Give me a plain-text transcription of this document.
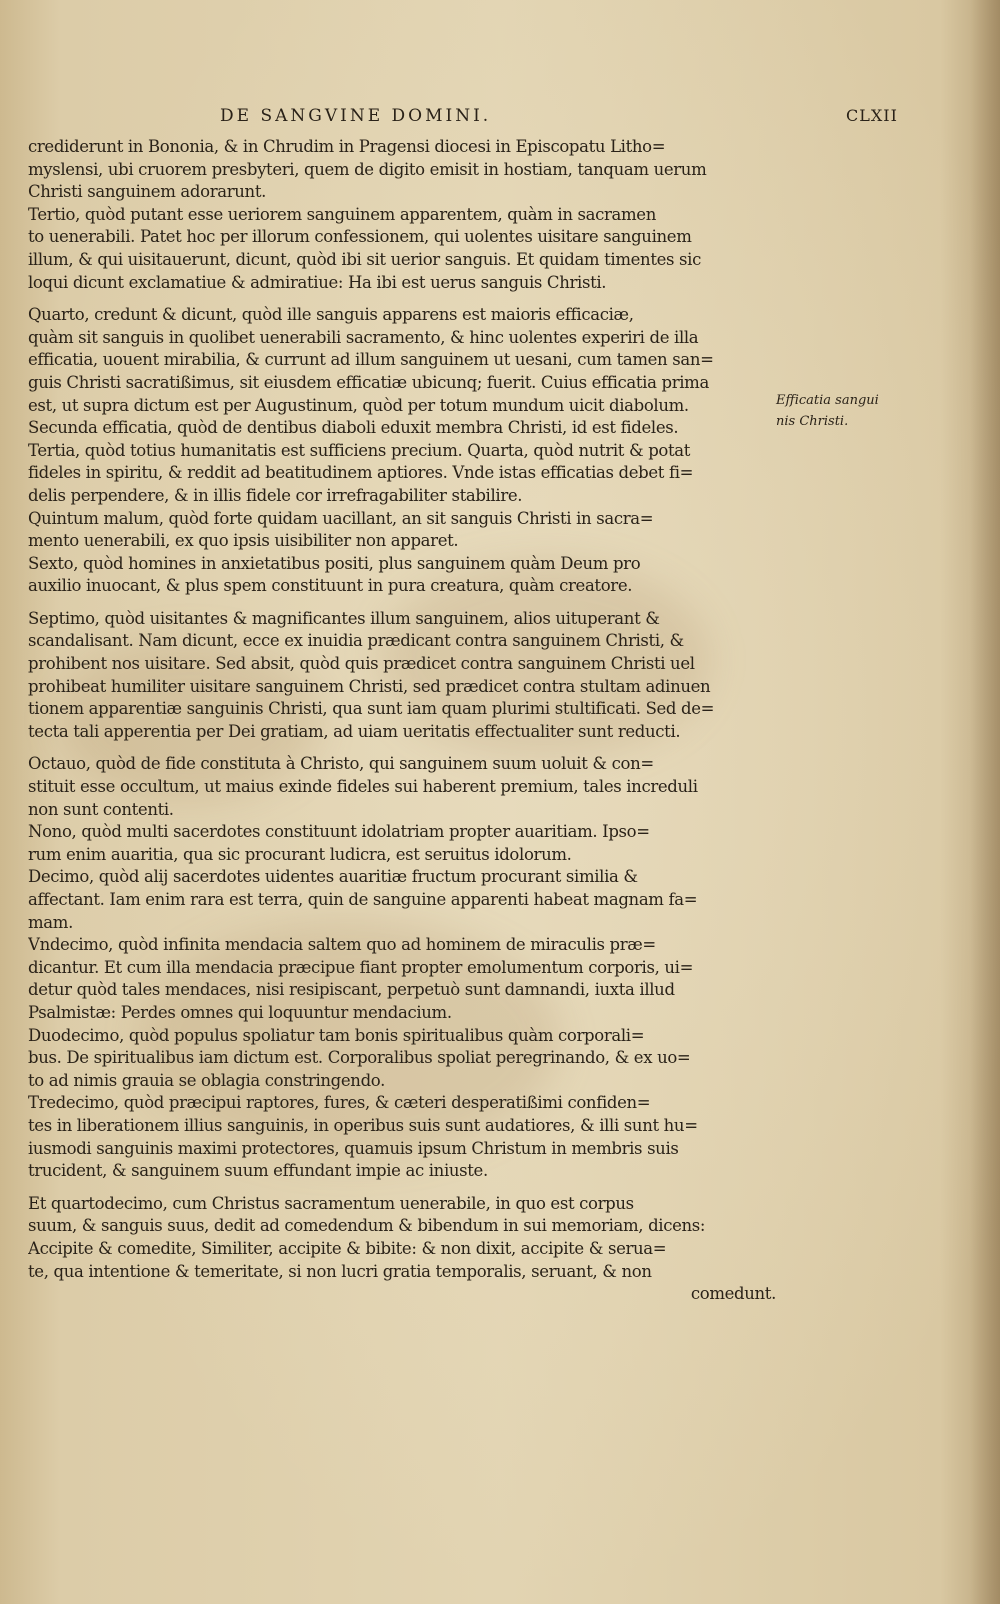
DE SANGVINE DOMINI.	CLXII
Efficatia sangui
nis Christi.
crediderunt in Bononia, & in Chrudim in Pragensi diocesi in Episcopatu Litho=
myslensi, ubi cruorem presbyteri, quem de digito emisit in hostiam, tanquam uerum
Christi sanguinem adorarunt.
Tertio, quòd putant esse ueriorem sanguinem apparentem, quàm in sacramen
to uenerabili. Patet hoc per illorum confessionem, qui uolentes uisitare sanguinem
illum, & qui uisitauerunt, dicunt, quòd ibi sit uerior sanguis. Et quidam timentes sic
loqui dicunt exclamatiue & admiratiue: Ha ibi est uerus sanguis Christi.
Quarto, credunt & dicunt, quòd ille sanguis apparens est maioris efficaciæ,
quàm sit sanguis in quolibet uenerabili sacramento, & hinc uolentes experiri de illa
efficatia, uouent mirabilia, & currunt ad illum sanguinem ut uesani, cum tamen san=
guis Christi sacratißimus, sit eiusdem efficatiæ ubicunq; fuerit. Cuius efficatia prima
est, ut supra dictum est per Augustinum, quòd per totum mundum uicit diabolum.
Secunda efficatia, quòd de dentibus diaboli eduxit membra Christi, id est fideles.
Tertia, quòd totius humanitatis est sufficiens precium. Quarta, quòd nutrit & potat
fideles in spiritu, & reddit ad beatitudinem aptiores. Vnde istas efficatias debet fi=
delis perpendere, & in illis fidele cor irrefragabiliter stabilire.
Quintum malum, quòd forte quidam uacillant, an sit sanguis Christi in sacra=
mento uenerabili, ex quo ipsis uisibiliter non apparet.
Sexto, quòd homines in anxietatibus positi, plus sanguinem quàm Deum pro
auxilio inuocant, & plus spem constituunt in pura creatura, quàm creatore.
Septimo, quòd uisitantes & magnificantes illum sanguinem, alios uituperant &
scandalisant. Nam dicunt, ecce ex inuidia prædicant contra sanguinem Christi, &
prohibent nos uisitare. Sed absit, quòd quis prædicet contra sanguinem Christi uel
prohibeat humiliter uisitare sanguinem Christi, sed prædicet contra stultam adinuen
tionem apparentiæ sanguinis Christi, qua sunt iam quam plurimi stultificati. Sed de=
tecta tali apperentia per Dei gratiam, ad uiam ueritatis effectualiter sunt reducti.
Octauo, quòd de fide constituta à Christo, qui sanguinem suum uoluit & con=
stituit esse occultum, ut maius exinde fideles sui haberent premium, tales increduli
non sunt contenti.
Nono, quòd multi sacerdotes constituunt idolatriam propter auaritiam. Ipso=
rum enim auaritia, qua sic procurant ludicra, est seruitus idolorum.
Decimo, quòd alij sacerdotes uidentes auaritiæ fructum procurant similia &
affectant. Iam enim rara est terra, quin de sanguine apparenti habeat magnam fa=
mam.
Vndecimo, quòd infinita mendacia saltem quo ad hominem de miraculis præ=
dicantur. Et cum illa mendacia præcipue fiant propter emolumentum corporis, ui=
detur quòd tales mendaces, nisi resipiscant, perpetuò sunt damnandi, iuxta illud
Psalmistæ: Perdes omnes qui loquuntur mendacium.
Duodecimo, quòd populus spoliatur tam bonis spiritualibus quàm corporali=
bus. De spiritualibus iam dictum est. Corporalibus spoliat peregrinando, & ex uo=
to ad nimis grauia se oblagia constringendo.
Tredecimo, quòd præcipui raptores, fures, & cæteri desperatißimi confiden=
tes in liberationem illius sanguinis, in operibus suis sunt audatiores, & illi sunt hu=
iusmodi sanguinis maximi protectores, quamuis ipsum Christum in membris suis
trucident, & sanguinem suum effundant impie ac iniuste.
Et quartodecimo, cum Christus sacramentum uenerabile, in quo est corpus
suum, & sanguis suus, dedit ad comedendum & bibendum in sui memoriam, dicens:
Accipite & comedite, Similiter, accipite & bibite: & non dixit, accipite & serua=
te, qua intentione & temeritate, si non lucri gratia temporalis, seruant, & non
comedunt.
